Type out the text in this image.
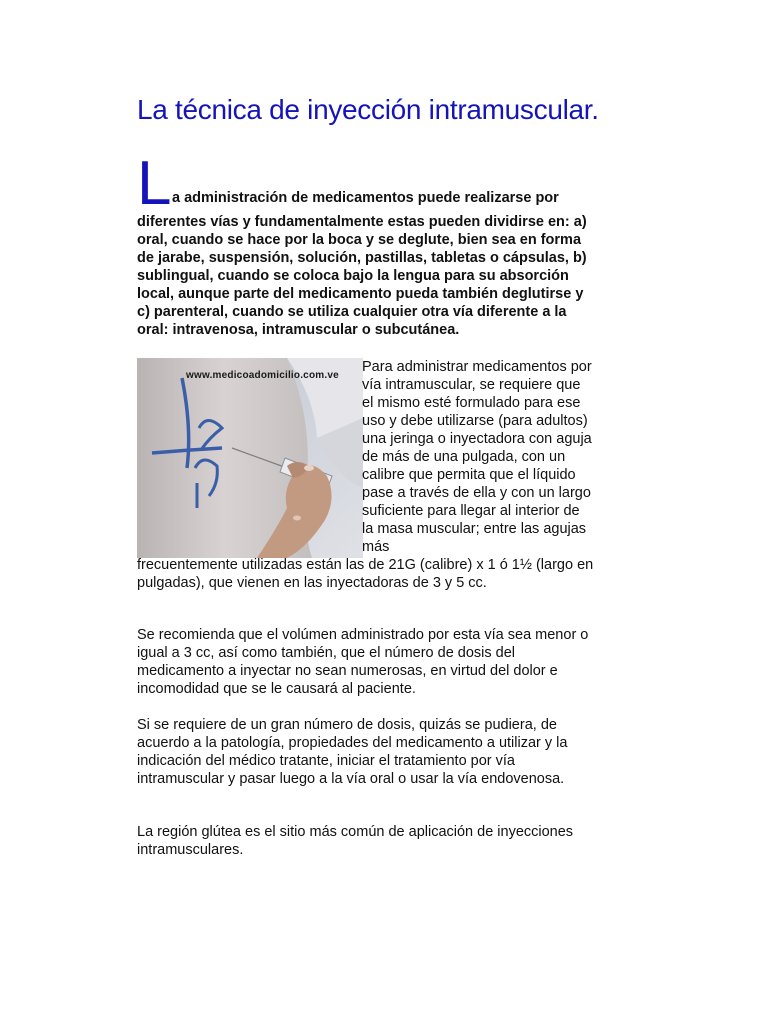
La técnica de inyección intramuscular.
L a administración de medicamentos puede realizarse por

diferentes vías y fundamentalmente estas pueden dividirse en: a) oral, cuando se hace por la boca y se deglute, bien sea en forma de jarabe, suspensión, solución, pastillas, tabletas o cápsulas, b) sublingual, cuando se coloca bajo la lengua para su absorción local, aunque parte del medicamento pueda también deglutirse y c) parenteral, cuando se utiliza cualquier otra vía diferente a la oral: intravenosa, intramuscular o subcutánea.

www.medicoadomicilio.com.ve

Para administrar medicamentos por vía intramuscular, se requiere que el mismo esté formulado para ese uso y debe utilizarse (para adultos) una jeringa o inyectadora con aguja de más de una pulgada, con un calibre que permita que el líquido pase a través de ella y con un largo suficiente para llegar al interior de la masa muscular; entre las agujas más

frecuentemente utilizadas están las de 21G (calibre) x 1 ó 1½ (largo en pulgadas), que vienen en las inyectadoras de 3 y 5 cc.

Se recomienda que el volúmen administrado por esta vía sea menor o igual a 3 cc, así como también, que el número de dosis del medicamento a inyectar no sean numerosas, en virtud del dolor e incomodidad que se le causará al paciente.

Si se requiere de un gran número de dosis, quizás se pudiera, de acuerdo a la patología, propiedades del medicamento a utilizar y la indicación del médico tratante, iniciar el tratamiento por vía intramuscular y pasar luego a la vía oral o usar la vía endovenosa.

La región glútea es el sitio más común de aplicación de inyecciones intramusculares.
